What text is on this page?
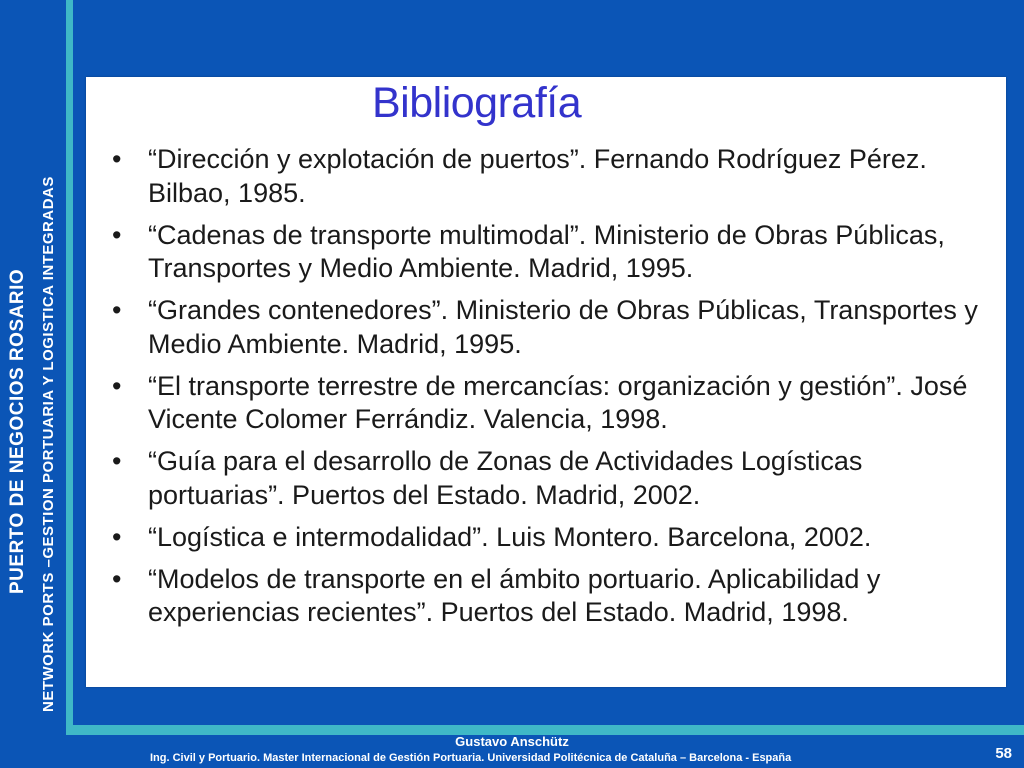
PUERTO DE NEGOCIOS ROSARIO NETWORK PORTS –GESTION PORTUARIA Y LOGISTICA INTEGRADAS
Bibliografía
• “Dirección y explotación de puertos”. Fernando Rodríguez Pérez. Bilbao, 1985.
• “Cadenas de transporte multimodal”. Ministerio de Obras Públicas, Transportes y Medio Ambiente. Madrid, 1995.
• “Grandes contenedores”. Ministerio de Obras Públicas, Transportes y Medio Ambiente. Madrid, 1995.
• “El transporte terrestre de mercancías: organización y gestión”. José Vicente Colomer Ferrándiz. Valencia, 1998.
• “Guía para el desarrollo de Zonas de Actividades Logísticas portuarias”. Puertos del Estado. Madrid, 2002.
• “Logística e intermodalidad”. Luis Montero. Barcelona, 2002.
• “Modelos de transporte en el ámbito portuario. Aplicabilidad y experiencias recientes”. Puertos del Estado. Madrid, 1998.
Gustavo Anschütz
Ing. Civil y Portuario. Master Internacional de Gestión Portuaria. Universidad Politécnica de Cataluña – Barcelona - España	58
